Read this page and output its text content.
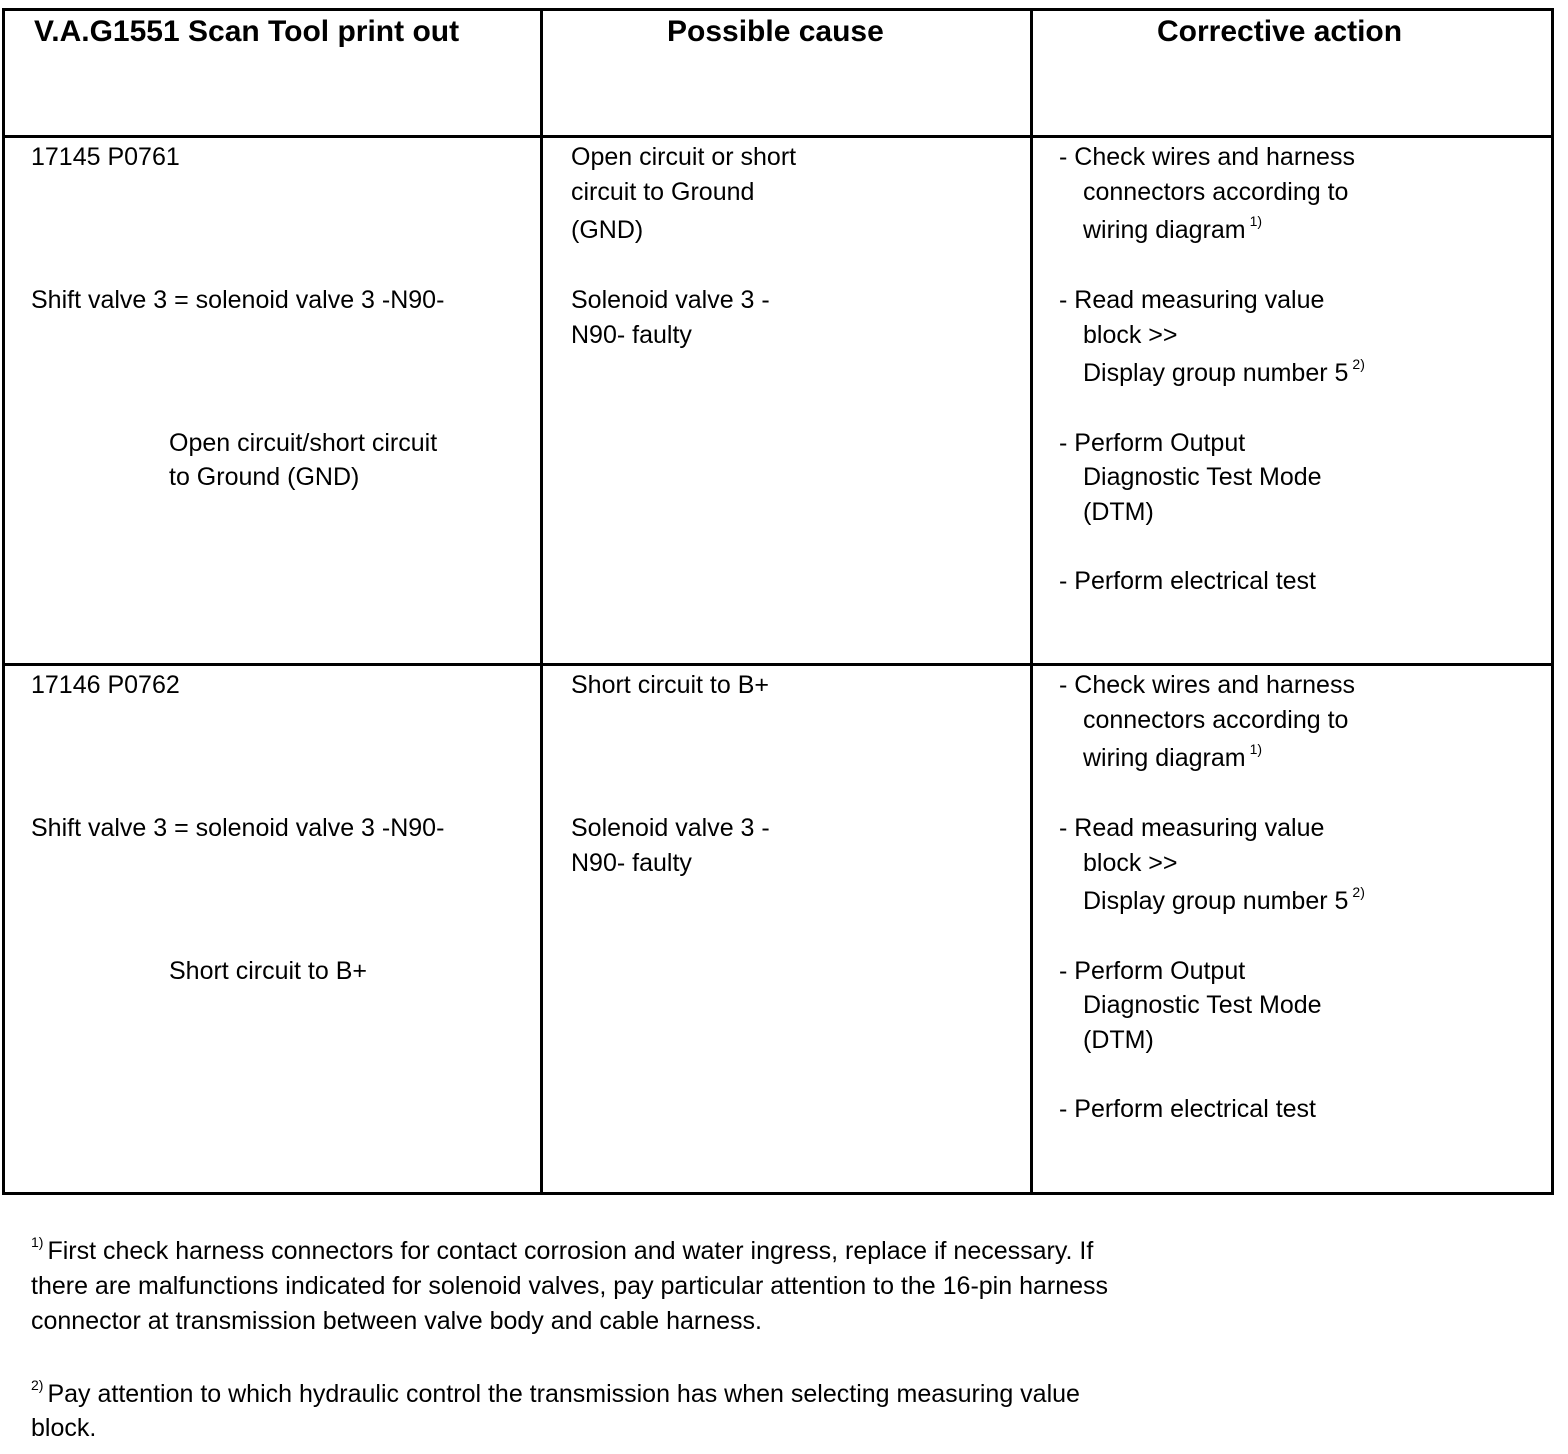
V.A.G1551 Scan Tool print out	Possible cause	Corrective action
17145 P0761
Shift valve 3 = solenoid valve 3 -N90-
Open circuit/short circuit
to Ground (GND)
Open circuit or short
circuit to Ground
(GND)
Solenoid valve 3 -
N90- faulty
- Check wires and harness
connectors according to
wiring diagram $^{1)}$
- Read measuring value
block >>
Display group number 5 $^{2)}$
- Perform Output
Diagnostic Test Mode
(DTM)
- Perform electrical test
17146 P0762
Shift valve 3 = solenoid valve 3 -N90-
Short circuit to B+
Short circuit to B+
Solenoid valve 3 -
N90- faulty
- Check wires and harness
connectors according to
wiring diagram $^{1)}$
- Read measuring value
block >>
Display group number 5 $^{2)}$
- Perform Output
Diagnostic Test Mode
(DTM)
- Perform electrical test
$^{1)}$ First check harness connectors for contact corrosion and water ingress, replace if necessary. If
there are malfunctions indicated for solenoid valves, pay particular attention to the 16-pin harness
connector at transmission between valve body and cable harness.
$^{2)}$ Pay attention to which hydraulic control the transmission has when selecting measuring value
block.
